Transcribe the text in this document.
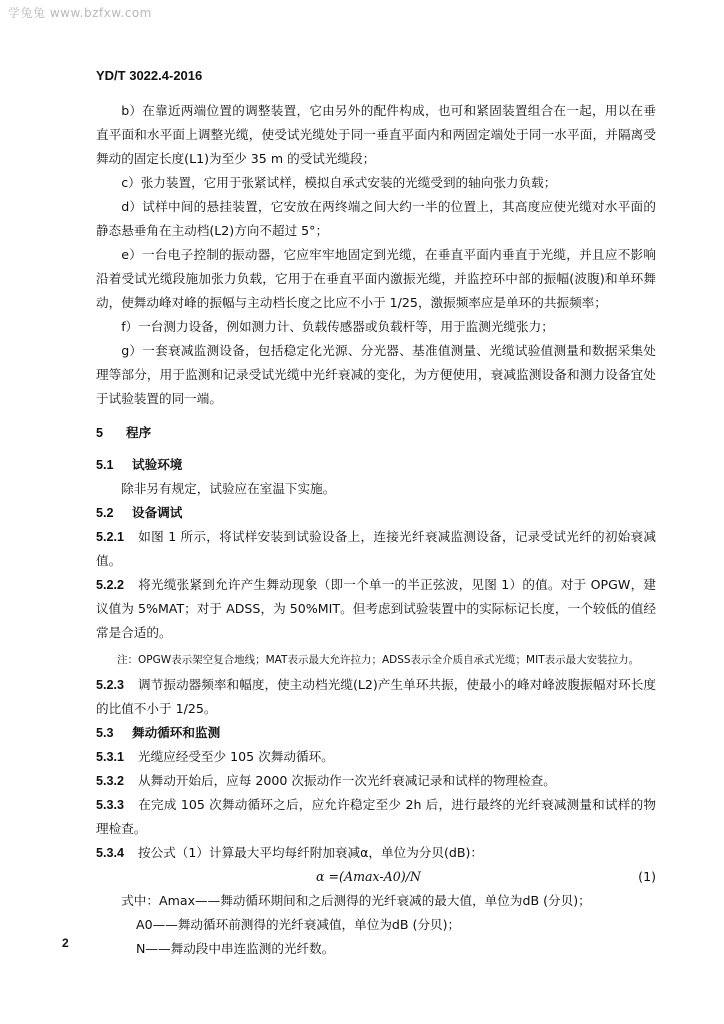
学兔兔 www.bzfxw.com
YD/T 3022.4-2016

b）在靠近两端位置的调整装置，它由另外的配件构成，也可和紧固装置组合在一起，用以在垂直平面和水平面上调整光缆，使受试光缆处于同一垂直平面内和两固定端处于同一水平面，并隔离受舞动的固定长度(L1)为至少 35 m 的受试光缆段；

c）张力装置，它用于张紧试样，模拟自承式安装的光缆受到的轴向张力负载；

d）试样中间的悬挂装置，它安放在两终端之间大约一半的位置上，其高度应使光缆对水平面的静态悬垂角在主动档(L2)方向不超过 5°；

e）一台电子控制的振动器，它应牢牢地固定到光缆，在垂直平面内垂直于光缆，并且应不影响沿着受试光缆段施加张力负载，它用于在垂直平面内激振光缆，并监控环中部的振幅(波腹)和单环舞动，使舞动峰对峰的振幅与主动档长度之比应不小于 1/25，激振频率应是单环的共振频率；

f）一台测力设备，例如测力计、负载传感器或负载杆等，用于监测光缆张力；

g）一套衰减监测设备，包括稳定化光源、分光器、基准值测量、光缆试验值测量和数据采集处理等部分，用于监测和记录受试光缆中光纤衰减的变化，为方便使用，衰减监测设备和测力设备宜处于试验装置的同一端。

5 程序

5.1 试验环境

除非另有规定，试验应在室温下实施。

5.2 设备调试

5.2.1 如图 1 所示，将试样安装到试验设备上，连接光纤衰减监测设备，记录受试光纤的初始衰减值。

5.2.2 将光缆张紧到允许产生舞动现象（即一个单一的半正弦波，见图 1）的值。对于 OPGW，建议值为 5%MAT；对于 ADSS，为 50%MIT。但考虑到试验装置中的实际标记长度，一个较低的值经常是合适的。

注：OPGW表示架空复合地线；MAT表示最大允许拉力；ADSS表示全介质自承式光缆；MIT表示最大安装拉力。

5.2.3 调节振动器频率和幅度，使主动档光缆(L2)产生单环共振，使最小的峰对峰波腹振幅对环长度的比值不小于 1/25。

5.3 舞动循环和监测

5.3.1 光缆应经受至少 105 次舞动循环。

5.3.2 从舞动开始后，应每 2000 次振动作一次光纤衰减记录和试样的物理检查。

5.3.3 在完成 105 次舞动循环之后，应允许稳定至少 2h 后，进行最终的光纤衰减测量和试样的物理检查。

5.3.4 按公式（1）计算最大平均每纤附加衰减α，单位为分贝(dB)：

α =(Amax-A0)/N	(1)

式中：Amax——舞动循环期间和之后测得的光纤衰减的最大值，单位为dB (分贝)；

A0——舞动循环前测得的光纤衰减值，单位为dB (分贝)；

N——舞动段中串连监测的光纤数。

2
